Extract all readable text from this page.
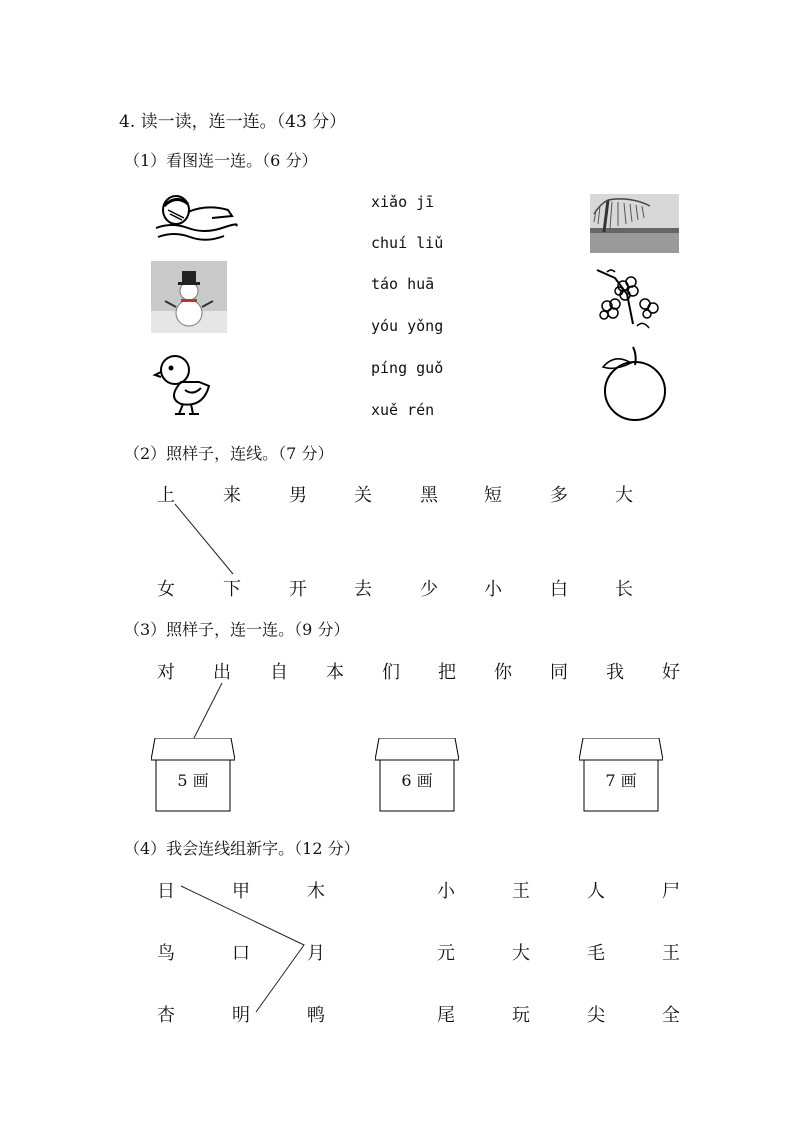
4. 读一读，连一连。（43 分）
（1）看图连一连。（6 分）
xiǎo jī
chuí liǔ
táo huā
yóu yǒng
píng guǒ
xuě rén
（2）照样子，连线。（7 分）
上	来	男	关	黑	短	多	大
女	下	开	去	少	小	白	长
（3）照样子，连一连。（9 分）
对	出	自	本	们	把	你	同	我	好
5 画	6 画	7 画
（4）我会连线组新字。（12 分）
日	甲	木
鸟	口	月
杏	明	鸭
小	王	人	尸
元	大	毛	王
尾	玩	尖	全
